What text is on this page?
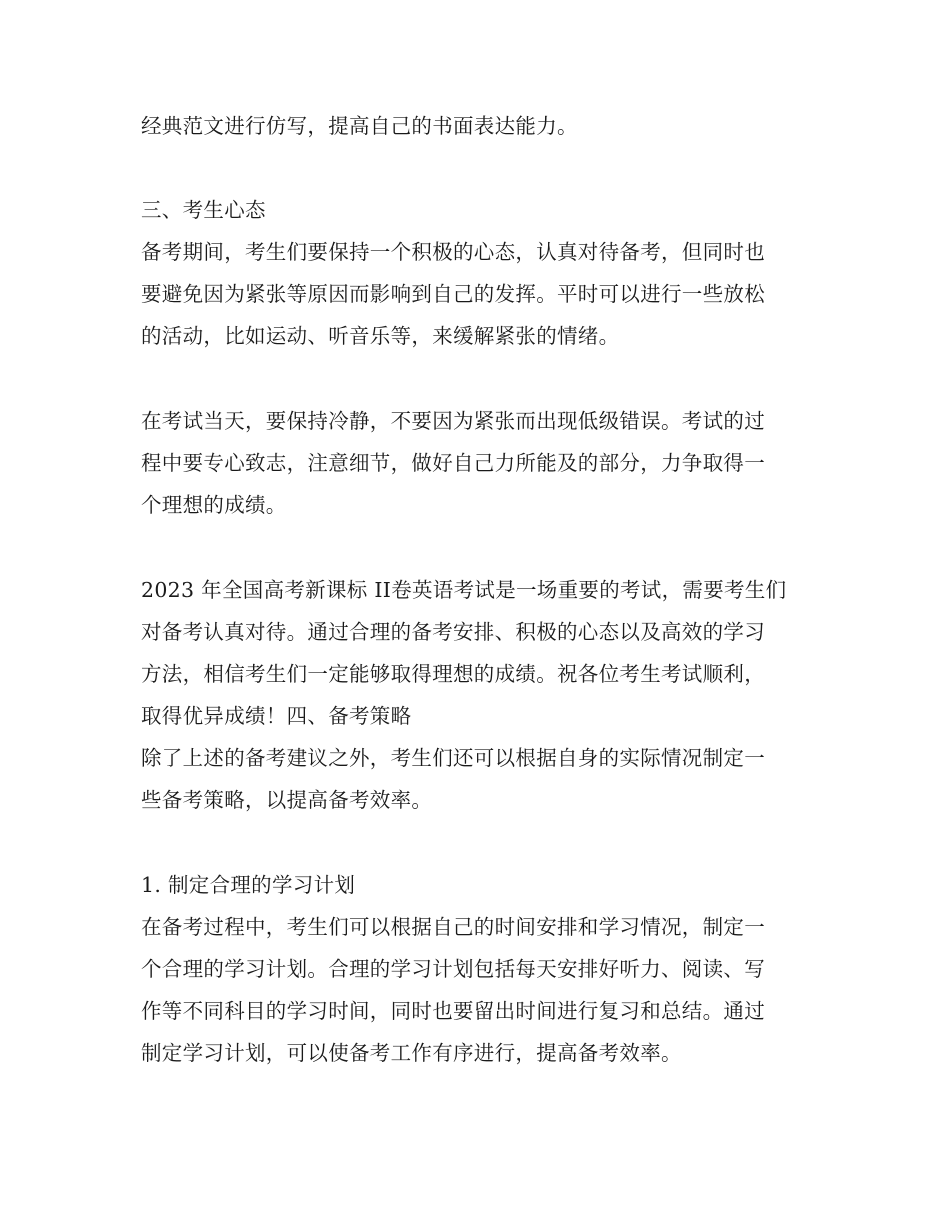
经典范文进行仿写，提高自己的书面表达能力。
三、考生心态
备考期间，考生们要保持一个积极的心态，认真对待备考，但同时也
要避免因为紧张等原因而影响到自己的发挥。平时可以进行一些放松
的活动，比如运动、听音乐等，来缓解紧张的情绪。
在考试当天，要保持冷静，不要因为紧张而出现低级错误。考试的过
程中要专心致志，注意细节，做好自己力所能及的部分，力争取得一
个理想的成绩。
2023 年全国高考新课标 II卷英语考试是一场重要的考试，需要考生们
对备考认真对待。通过合理的备考安排、积极的心态以及高效的学习
方法，相信考生们一定能够取得理想的成绩。祝各位考生考试顺利，
取得优异成绩！四、备考策略
除了上述的备考建议之外，考生们还可以根据自身的实际情况制定一
些备考策略，以提高备考效率。
1. 制定合理的学习计划
在备考过程中，考生们可以根据自己的时间安排和学习情况，制定一
个合理的学习计划。合理的学习计划包括每天安排好听力、阅读、写
作等不同科目的学习时间，同时也要留出时间进行复习和总结。通过
制定学习计划，可以使备考工作有序进行，提高备考效率。
